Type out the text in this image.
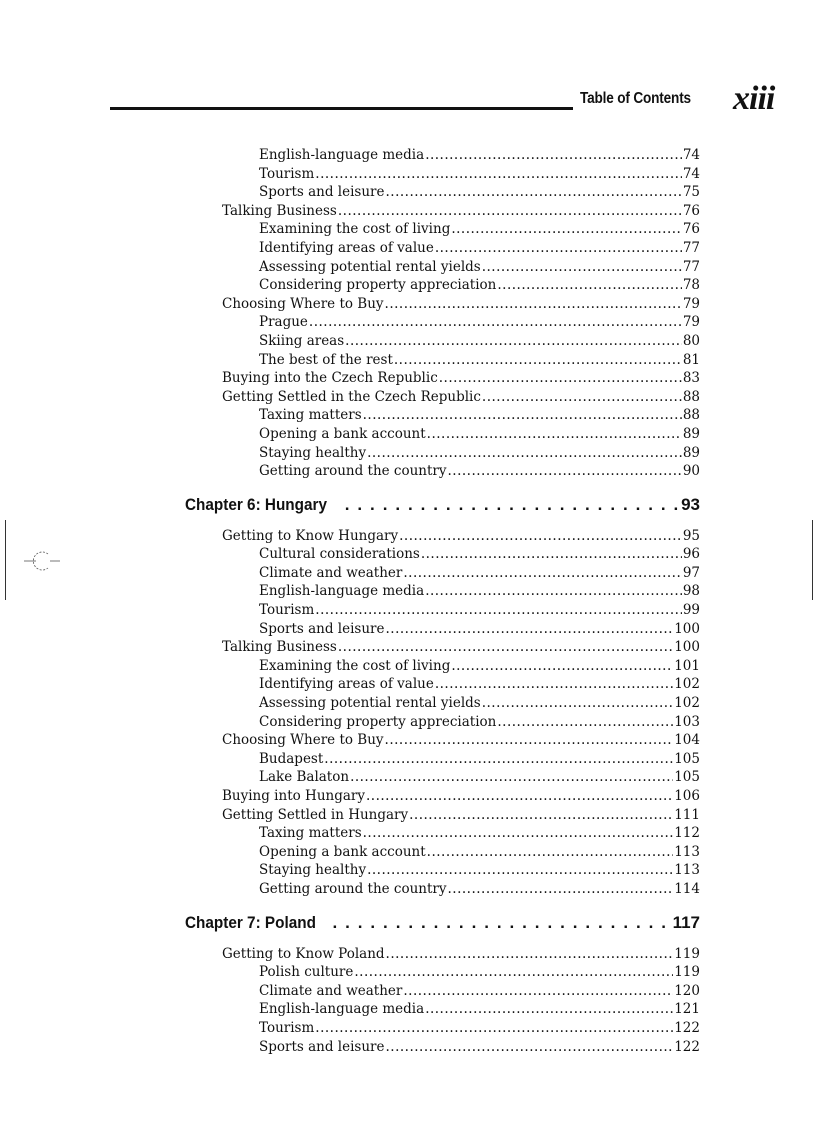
Table of Contents xiii
English-language media .....	74
Tourism .....	74
Sports and leisure .....	75
Talking Business .....	76
Examining the cost of living .....	76
Identifying areas of value .....	77
Assessing potential rental yields .....	77
Considering property appreciation .....	78
Choosing Where to Buy .....	79
Prague .....	79
Skiing areas .....	80
The best of the rest .....	81
Buying into the Czech Republic .....	83
Getting Settled in the Czech Republic .....	88
Taxing matters .....	88
Opening a bank account .....	89
Staying healthy .....	89
Getting around the country .....	90
Chapter 6: Hungary . . .	93
Getting to Know Hungary .....	95
Cultural considerations .....	96
Climate and weather .....	97
English-language media .....	98
Tourism .....	99
Sports and leisure .....	100
Talking Business .....	100
Examining the cost of living .....	101
Identifying areas of value .....	102
Assessing potential rental yields .....	102
Considering property appreciation .....	103
Choosing Where to Buy .....	104
Budapest .....	105
Lake Balaton .....	105
Buying into Hungary .....	106
Getting Settled in Hungary .....	111
Taxing matters .....	112
Opening a bank account .....	113
Staying healthy .....	113
Getting around the country .....	114
Chapter 7: Poland . . .	117
Getting to Know Poland .....	119
Polish culture .....	119
Climate and weather .....	120
English-language media .....	121
Tourism .....	122
Sports and leisure .....	122
